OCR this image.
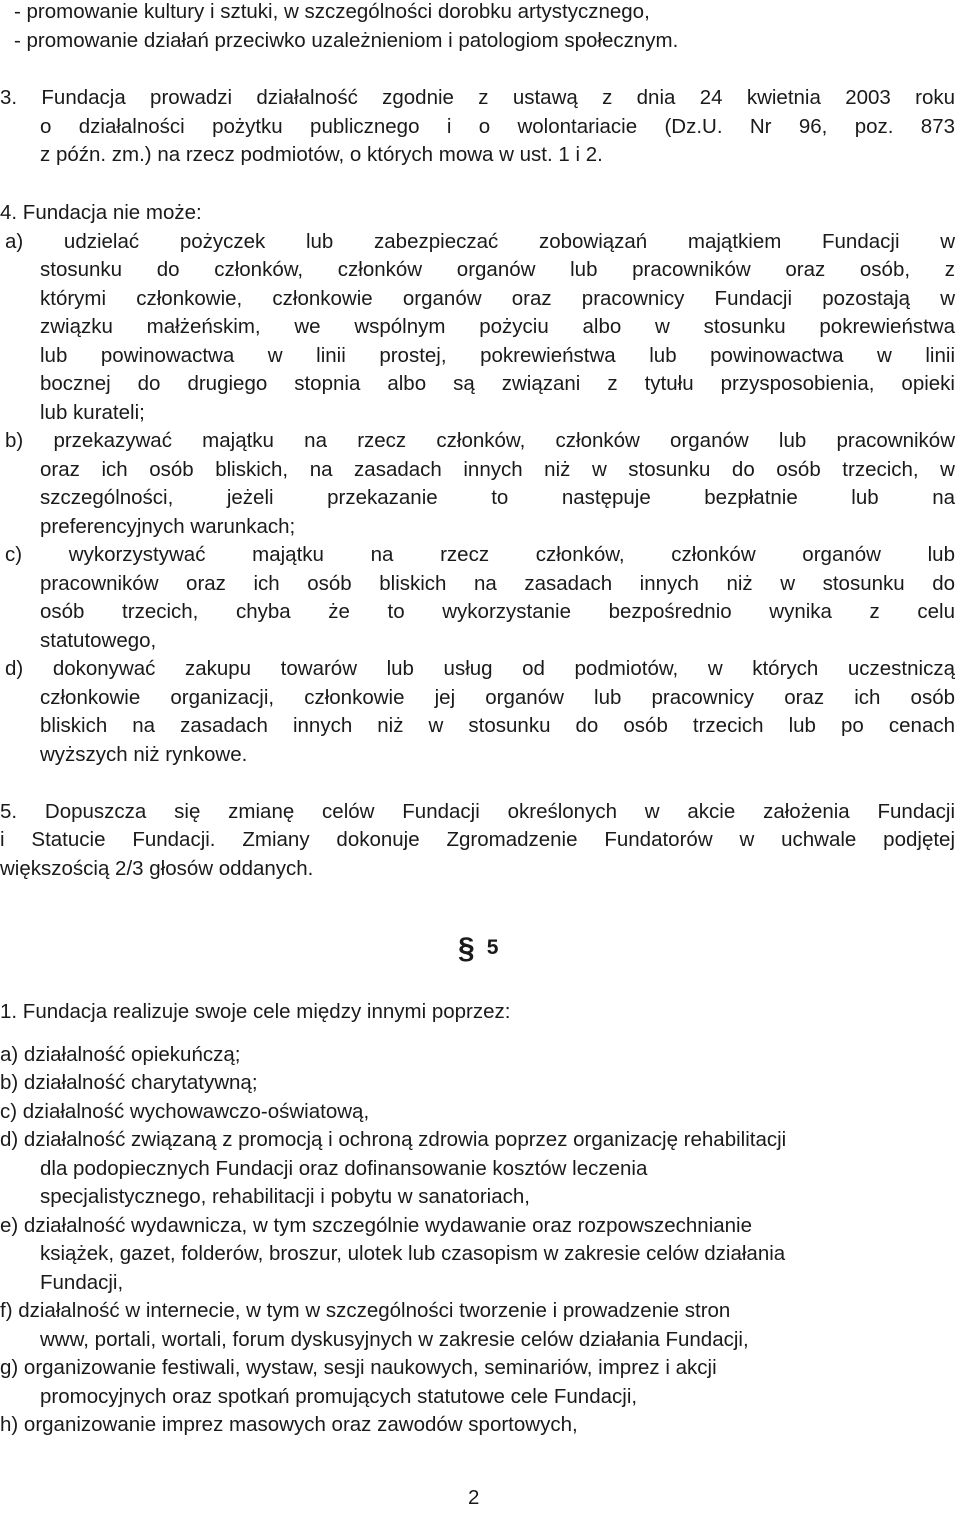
- promowanie kultury i sztuki, w szczególności dorobku artystycznego,
- promowanie działań przeciwko uzależnieniom i patologiom społecznym.
3. Fundacja prowadzi działalność zgodnie z ustawą z dnia 24 kwietnia 2003 roku
o działalności pożytku publicznego i o wolontariacie (Dz.U. Nr 96, poz. 873
z późn. zm.) na rzecz podmiotów, o których mowa w ust. 1 i 2.
4. Fundacja nie może:
a) udzielać pożyczek lub zabezpieczać zobowiązań majątkiem Fundacji w
stosunku do członków, członków organów lub pracowników oraz osób, z
którymi członkowie, członkowie organów oraz pracownicy Fundacji pozostają w
związku małżeńskim, we wspólnym pożyciu albo w stosunku pokrewieństwa
lub powinowactwa w linii prostej, pokrewieństwa lub powinowactwa w linii
bocznej do drugiego stopnia albo są związani z tytułu przysposobienia, opieki
lub kurateli;
b) przekazywać majątku na rzecz członków, członków organów lub pracowników
oraz ich osób bliskich, na zasadach innych niż w stosunku do osób trzecich, w
szczególności, jeżeli przekazanie to następuje bezpłatnie lub na
preferencyjnych warunkach;
c) wykorzystywać majątku na rzecz członków, członków organów lub
pracowników oraz ich osób bliskich na zasadach innych niż w stosunku do
osób trzecich, chyba że to wykorzystanie bezpośrednio wynika z celu
statutowego,
d) dokonywać zakupu towarów lub usług od podmiotów, w których uczestniczą
członkowie organizacji, członkowie jej organów lub pracownicy oraz ich osób
bliskich na zasadach innych niż w stosunku do osób trzecich lub po cenach
wyższych niż rynkowe.
5. Dopuszcza się zmianę celów Fundacji określonych w akcie założenia Fundacji
i Statucie Fundacji. Zmiany dokonuje Zgromadzenie Fundatorów w uchwale podjętej
większością 2/3 głosów oddanych.
§ 5
1. Fundacja realizuje swoje cele między innymi poprzez:
a) działalność opiekuńczą;
b) działalność charytatywną;
c) działalność wychowawczo-oświatową,
d) działalność związaną z promocją i ochroną zdrowia poprzez organizację rehabilitacji
dla podopiecznych Fundacji oraz dofinansowanie kosztów leczenia
specjalistycznego, rehabilitacji i pobytu w sanatoriach,
e) działalność wydawnicza, w tym szczególnie wydawanie oraz rozpowszechnianie
książek, gazet, folderów, broszur, ulotek lub czasopism w zakresie celów działania
Fundacji,
f) działalność w internecie, w tym w szczególności tworzenie i prowadzenie stron
www, portali, wortali, forum dyskusyjnych w zakresie celów działania Fundacji,
g) organizowanie festiwali, wystaw, sesji naukowych, seminariów, imprez i akcji
promocyjnych oraz spotkań promujących statutowe cele Fundacji,
h) organizowanie imprez masowych oraz zawodów sportowych,
2
